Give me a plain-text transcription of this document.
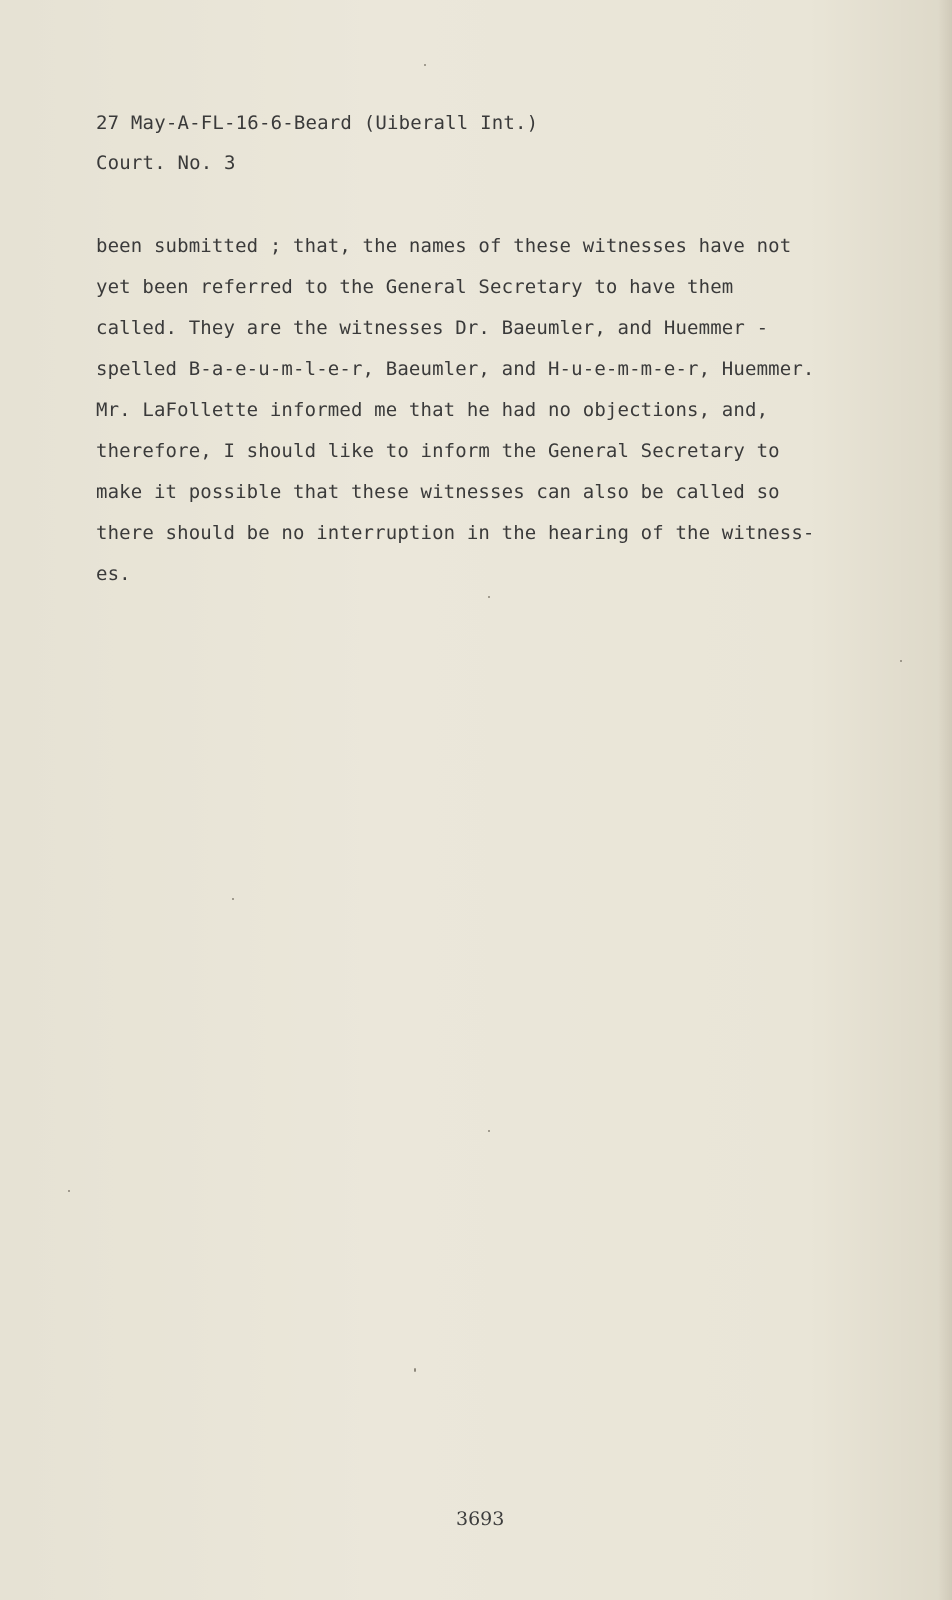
27 May-A-FL-16-6-Beard (Uiberall Int.)
Court. No. 3
been submitted ; that, the names of these witnesses have not
yet been referred to the General Secretary to have them
called. They are the witnesses Dr. Baeumler, and Huemmer -
spelled B-a-e-u-m-l-e-r, Baeumler, and H-u-e-m-m-e-r, Huemmer.
Mr. LaFollette informed me that he had no objections, and,
therefore, I should like to inform the General Secretary to
make it possible that these witnesses can also be called so
there should be no interruption in the hearing of the witness-
es.
3693
